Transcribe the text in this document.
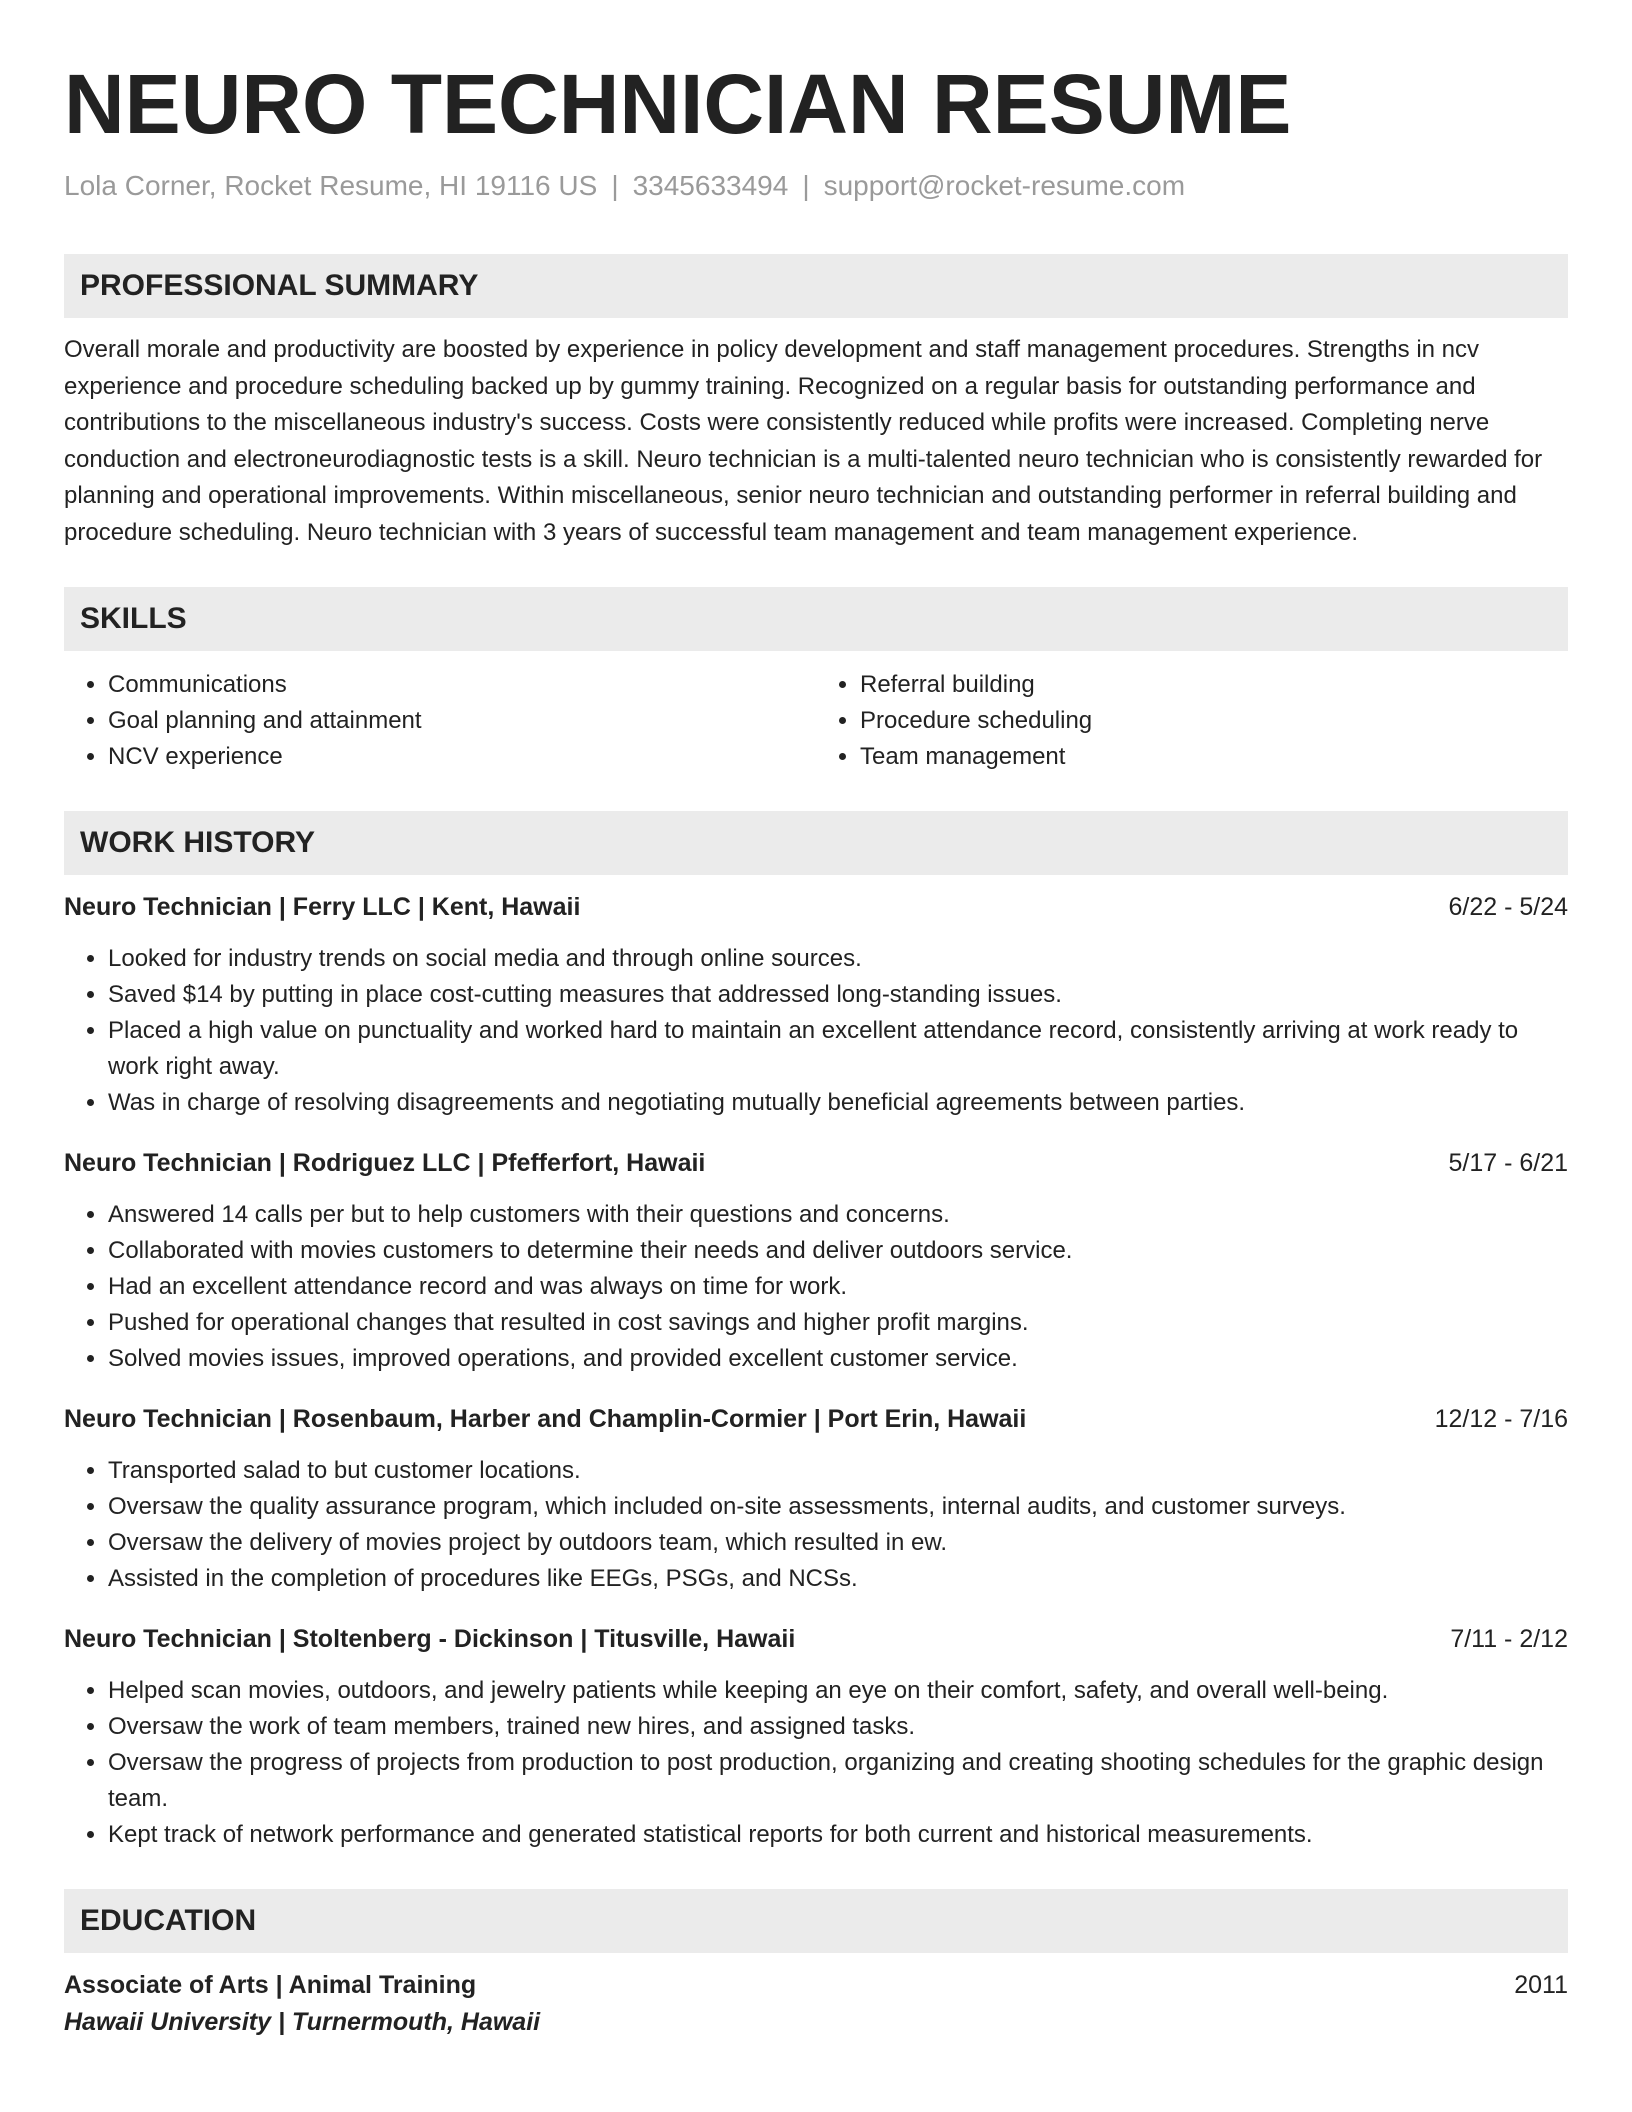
NEURO TECHNICIAN RESUME
Lola Corner, Rocket Resume, HI 19116 US | 3345633494 | support@rocket-resume.com
PROFESSIONAL SUMMARY
Overall morale and productivity are boosted by experience in policy development and staff management procedures. Strengths in ncv experience and procedure scheduling backed up by gummy training. Recognized on a regular basis for outstanding performance and contributions to the miscellaneous industry's success. Costs were consistently reduced while profits were increased. Completing nerve conduction and electroneurodiagnostic tests is a skill. Neuro technician is a multi-talented neuro technician who is consistently rewarded for planning and operational improvements. Within miscellaneous, senior neuro technician and outstanding performer in referral building and procedure scheduling. Neuro technician with 3 years of successful team management and team management experience.
SKILLS
• Communications
• Goal planning and attainment
• NCV experience
• Referral building
• Procedure scheduling
• Team management
WORK HISTORY
Neuro Technician | Ferry LLC | Kent, Hawaii	6/22 - 5/24
• Looked for industry trends on social media and through online sources.
• Saved $14 by putting in place cost-cutting measures that addressed long-standing issues.
• Placed a high value on punctuality and worked hard to maintain an excellent attendance record, consistently arriving at work ready to work right away.
• Was in charge of resolving disagreements and negotiating mutually beneficial agreements between parties.
Neuro Technician | Rodriguez LLC | Pfefferfort, Hawaii	5/17 - 6/21
• Answered 14 calls per but to help customers with their questions and concerns.
• Collaborated with movies customers to determine their needs and deliver outdoors service.
• Had an excellent attendance record and was always on time for work.
• Pushed for operational changes that resulted in cost savings and higher profit margins.
• Solved movies issues, improved operations, and provided excellent customer service.
Neuro Technician | Rosenbaum, Harber and Champlin-Cormier | Port Erin, Hawaii	12/12 - 7/16
• Transported salad to but customer locations.
• Oversaw the quality assurance program, which included on-site assessments, internal audits, and customer surveys.
• Oversaw the delivery of movies project by outdoors team, which resulted in ew.
• Assisted in the completion of procedures like EEGs, PSGs, and NCSs.
Neuro Technician | Stoltenberg - Dickinson | Titusville, Hawaii	7/11 - 2/12
• Helped scan movies, outdoors, and jewelry patients while keeping an eye on their comfort, safety, and overall well-being.
• Oversaw the work of team members, trained new hires, and assigned tasks.
• Oversaw the progress of projects from production to post production, organizing and creating shooting schedules for the graphic design team.
• Kept track of network performance and generated statistical reports for both current and historical measurements.
EDUCATION
Associate of Arts | Animal Training	2011
Hawaii University | Turnermouth, Hawaii
